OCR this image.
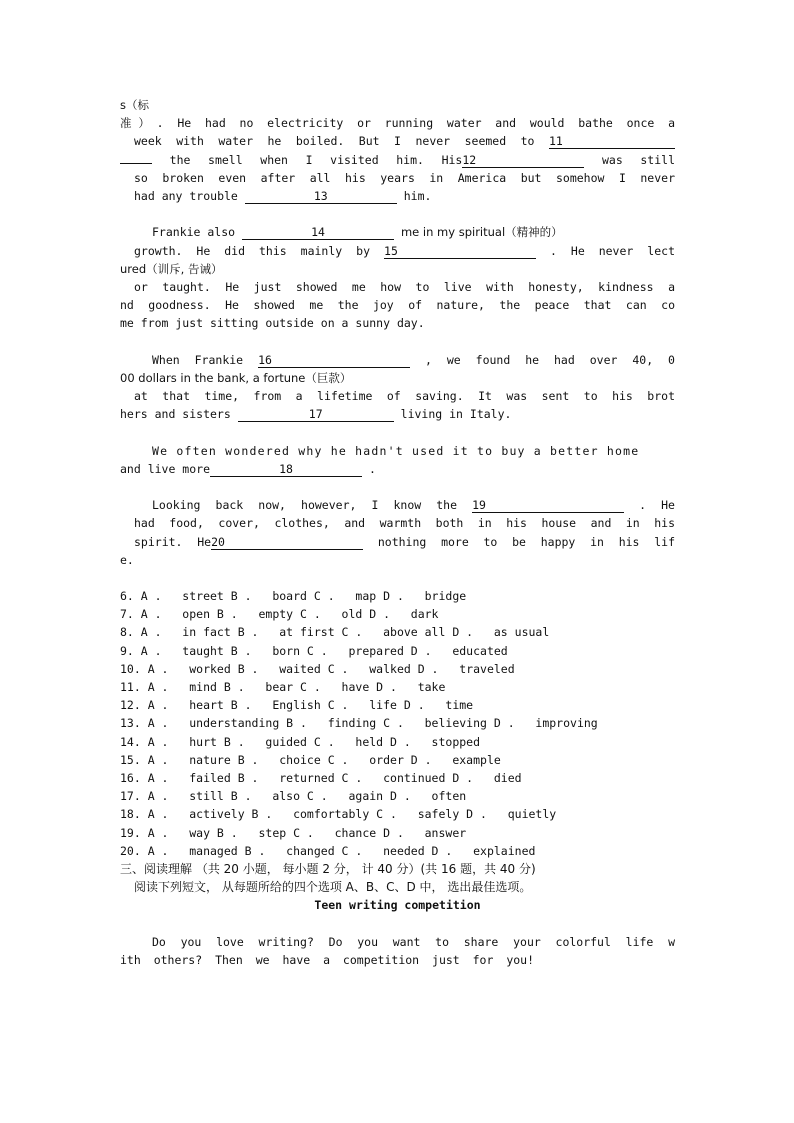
s（标
准）. He had no electricity or running water and would bathe once a
week with water he boiled. But I never seemed to 11
the smell when I visited him. His12	was still
so broken even after all his years in America but somehow I never
had any trouble	13	him.
Frankie also	14	me in my spiritual（精神的）
growth. He did this mainly by 15	. He never lect
ured（训斥, 告诫）
or taught. He just showed me how to live with honesty, kindness a
nd goodness. He showed me the joy of nature, the peace that can co
me from just sitting outside on a sunny day.
When Frankie 16	, we found he had over 40, 0
00 dollars in the bank, a fortune（巨款）
at that time, from a lifetime of saving. It was sent to his brot
hers and sisters	17	living in Italy.
We often wondered why he hadn't used it to buy a better home
and live more	18	.
Looking back now, however, I know the 19	. He
had food, cover, clothes, and warmth both in his house and in his
spirit. He20	nothing more to be happy in his lif
e.
6. A .   street B .   board C .   map D .   bridge
7. A .   open B .   empty C .   old D .   dark
8. A .   in fact B .   at first C .   above all D .   as usual
9. A .   taught B .   born C .   prepared D .   educated
10. A .   worked B .   waited C .   walked D .   traveled
11. A .   mind B .   bear C .   have D .   take
12. A .   heart B .   English C .   life D .   time
13. A .   understanding B .   finding C .   believing D .   improving
14. A .   hurt B .   guided C .   held D .   stopped
15. A .   nature B .   choice C .   order D .   example
16. A .   failed B .   returned C .   continued D .   died
17. A .   still B .   also C .   again D .   often
18. A .   actively B .   comfortably C .   safely D .   quietly
19. A .   way B .   step C .   chance D .   answer
20. A .   managed B .   changed C .   needed D .   explained
三、阅读理解 （共 20 小题， 每小题 2 分， 计 40 分）(共 16 题，共 40 分)
阅读下列短文， 从每题所给的四个选项 A、B、C、D 中， 选出最佳选项。
Teen writing competition
Do you love writing? Do you want to share your colorful life w
ith others? Then we have a competition just for you!
